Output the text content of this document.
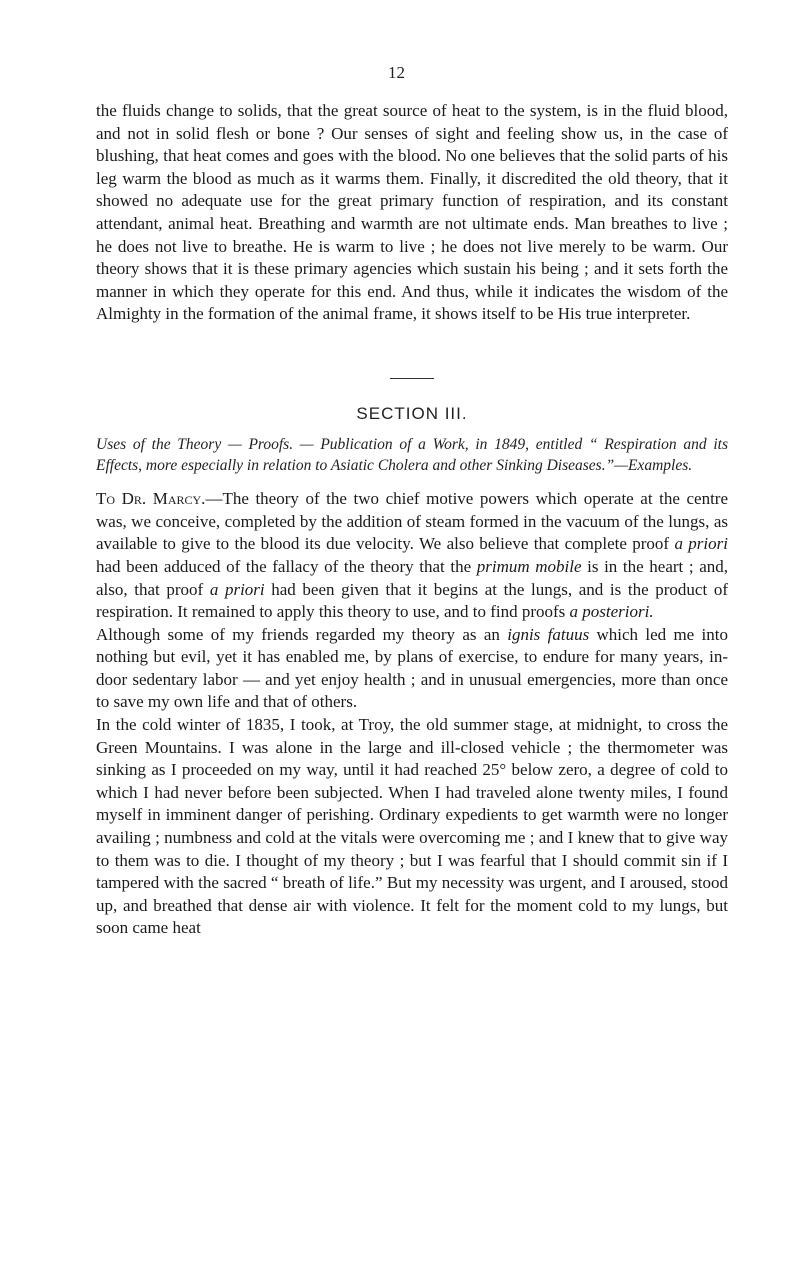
12

the fluids change to solids, that the great source of heat to the system, is in the fluid blood, and not in solid flesh or bone ? Our senses of sight and feeling show us, in the case of blushing, that heat comes and goes with the blood. No one believes that the solid parts of his leg warm the blood as much as it warms them. Finally, it discredited the old theory, that it showed no adequate use for the great primary function of respiration, and its constant attendant, animal heat. Breathing and warmth are not ultimate ends. Man breathes to live ; he does not live to breathe. He is warm to live ; he does not live merely to be warm. Our theory shows that it is these primary agencies which sustain his being ; and it sets forth the manner in which they operate for this end. And thus, while it indicates the wisdom of the Almighty in the formation of the animal frame, it shows itself to be His true interpreter.

SECTION III.

Uses of the Theory — Proofs. — Publication of a Work, in 1849, entitled “ Respiration and its Effects, more especially in relation to Asiatic Cholera and other Sinking Diseases.”—Examples.

To Dr. Marcy.—The theory of the two chief motive powers which operate at the centre was, we conceive, completed by the addition of steam formed in the vacuum of the lungs, as available to give to the blood its due velocity. We also believe that complete proof a priori had been adduced of the fallacy of the theory that the primum mobile is in the heart ; and, also, that proof a priori had been given that it begins at the lungs, and is the product of respiration. It remained to apply this theory to use, and to find proofs a posteriori.

Although some of my friends regarded my theory as an ignis fatuus which led me into nothing but evil, yet it has enabled me, by plans of exercise, to endure for many years, in-door sedentary labor — and yet enjoy health ; and in unusual emergencies, more than once to save my own life and that of others.

In the cold winter of 1835, I took, at Troy, the old summer stage, at midnight, to cross the Green Mountains. I was alone in the large and ill-closed vehicle ; the thermometer was sinking as I proceeded on my way, until it had reached 25° below zero, a degree of cold to which I had never before been subjected. When I had traveled alone twenty miles, I found myself in imminent danger of perishing. Ordinary expedients to get warmth were no longer availing ; numbness and cold at the vitals were overcoming me ; and I knew that to give way to them was to die. I thought of my theory ; but I was fearful that I should commit sin if I tampered with the sacred “ breath of life.” But my necessity was urgent, and I aroused, stood up, and breathed that dense air with violence. It felt for the moment cold to my lungs, but soon came heat
